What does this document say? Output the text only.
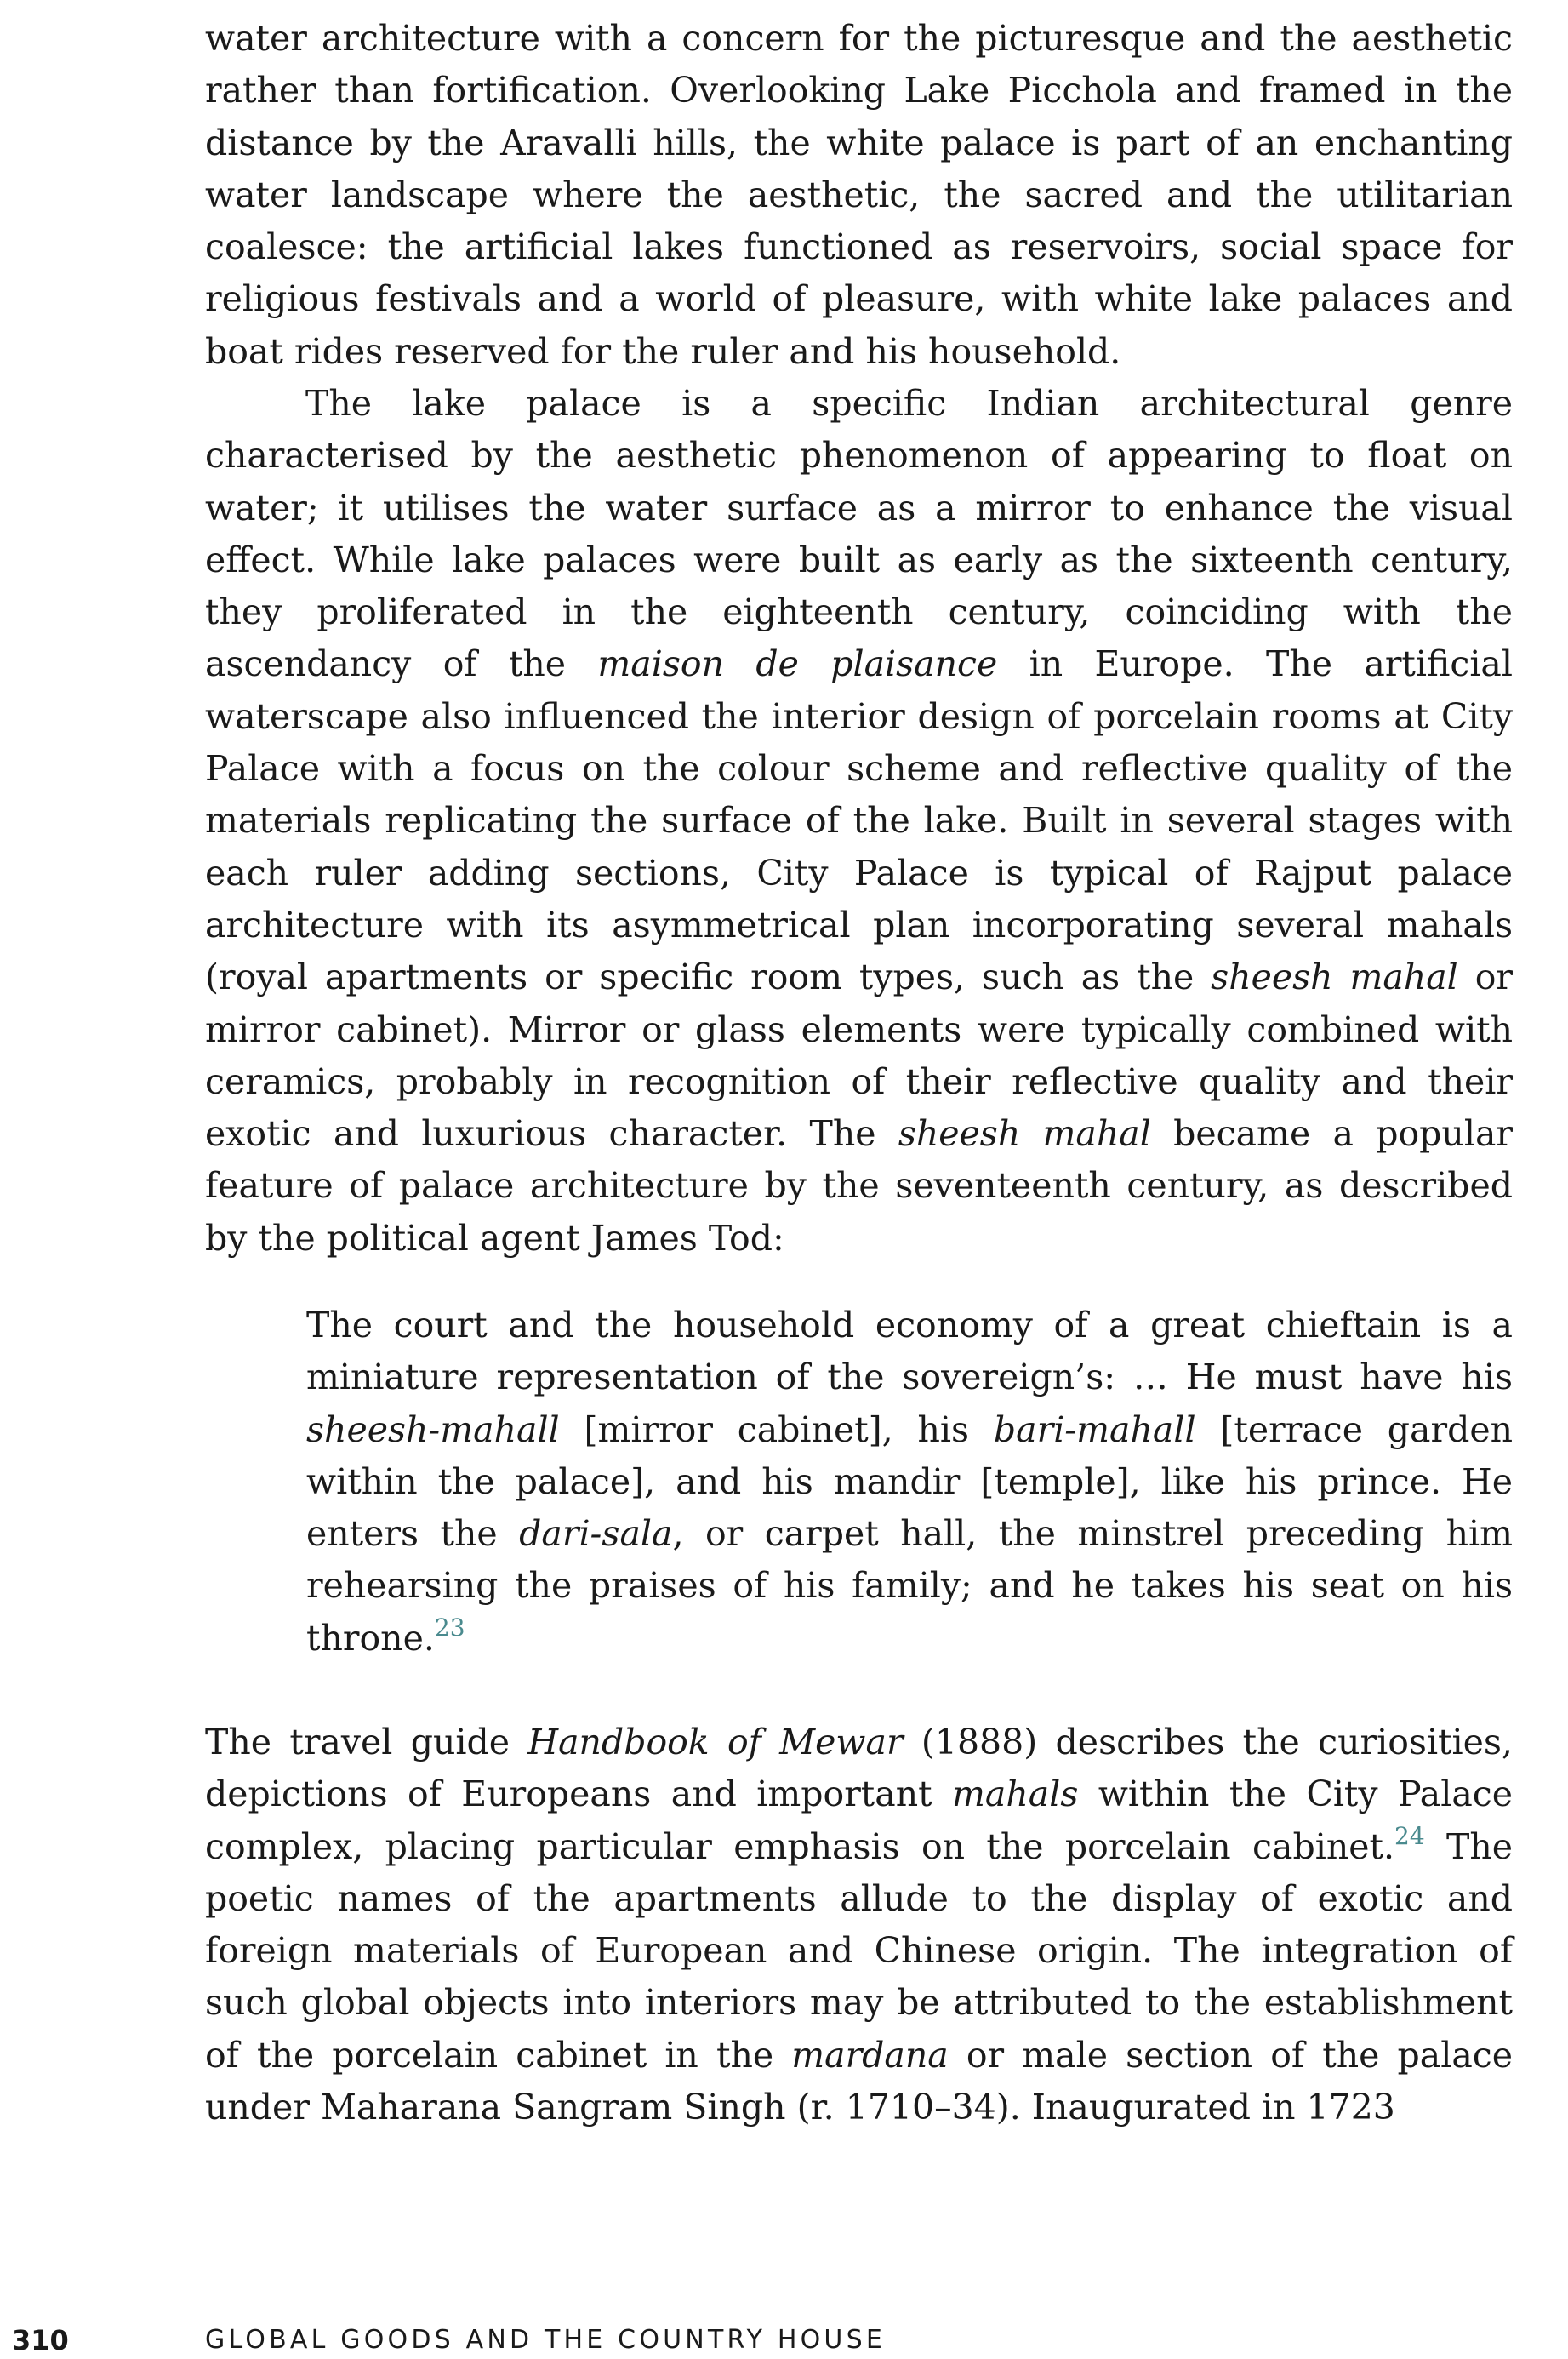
water architecture with a concern for the picturesque and the aesthetic rather than fortification. Overlooking Lake Picchola and framed in the distance by the Aravalli hills, the white palace is part of an enchanting water landscape where the aesthetic, the sacred and the utilitarian coalesce: the artificial lakes functioned as reservoirs, social space for religious festivals and a world of pleasure, with white lake palaces and boat rides reserved for the ruler and his household.

The lake palace is a specific Indian architectural genre characterised by the aesthetic phenomenon of appearing to float on water; it utilises the water surface as a mirror to enhance the visual effect. While lake palaces were built as early as the sixteenth century, they proliferated in the eighteenth century, coinciding with the ascendancy of the maison de plaisance in Europe. The artificial waterscape also influenced the interior design of porcelain rooms at City Palace with a focus on the colour scheme and reflective quality of the materials replicating the surface of the lake. Built in several stages with each ruler adding sections, City Palace is typical of Rajput palace architecture with its asymmetrical plan incorporating several mahals (royal apartments or specific room types, such as the sheesh mahal or mirror cabinet). Mirror or glass elements were typically combined with ceramics, probably in recognition of their reflective quality and their exotic and luxurious character. The sheesh mahal became a popular feature of palace architecture by the seventeenth century, as described by the political agent James Tod:

The court and the household economy of a great chieftain is a miniature representation of the sovereign’s: … He must have his sheesh-mahall [mirror cabinet], his bari-mahall [terrace garden within the palace], and his mandir [temple], like his prince. He enters the dari-sala, or carpet hall, the minstrel preceding him rehearsing the praises of his family; and he takes his seat on his throne.$^{23}$

The travel guide Handbook of Mewar (1888) describes the curiosities, depictions of Europeans and important mahals within the City Palace complex, placing particular emphasis on the porcelain cabinet.$^{24}$ The poetic names of the apartments allude to the display of exotic and foreign materials of European and Chinese origin. The integration of such global objects into interiors may be attributed to the establishment of the porcelain cabinet in the mardana or male section of the palace under Maharana Sangram Singh (r. 1710–34). Inaugurated in 1723

310	GLOBAL GOODS AND THE COUNTRY HOUSE
